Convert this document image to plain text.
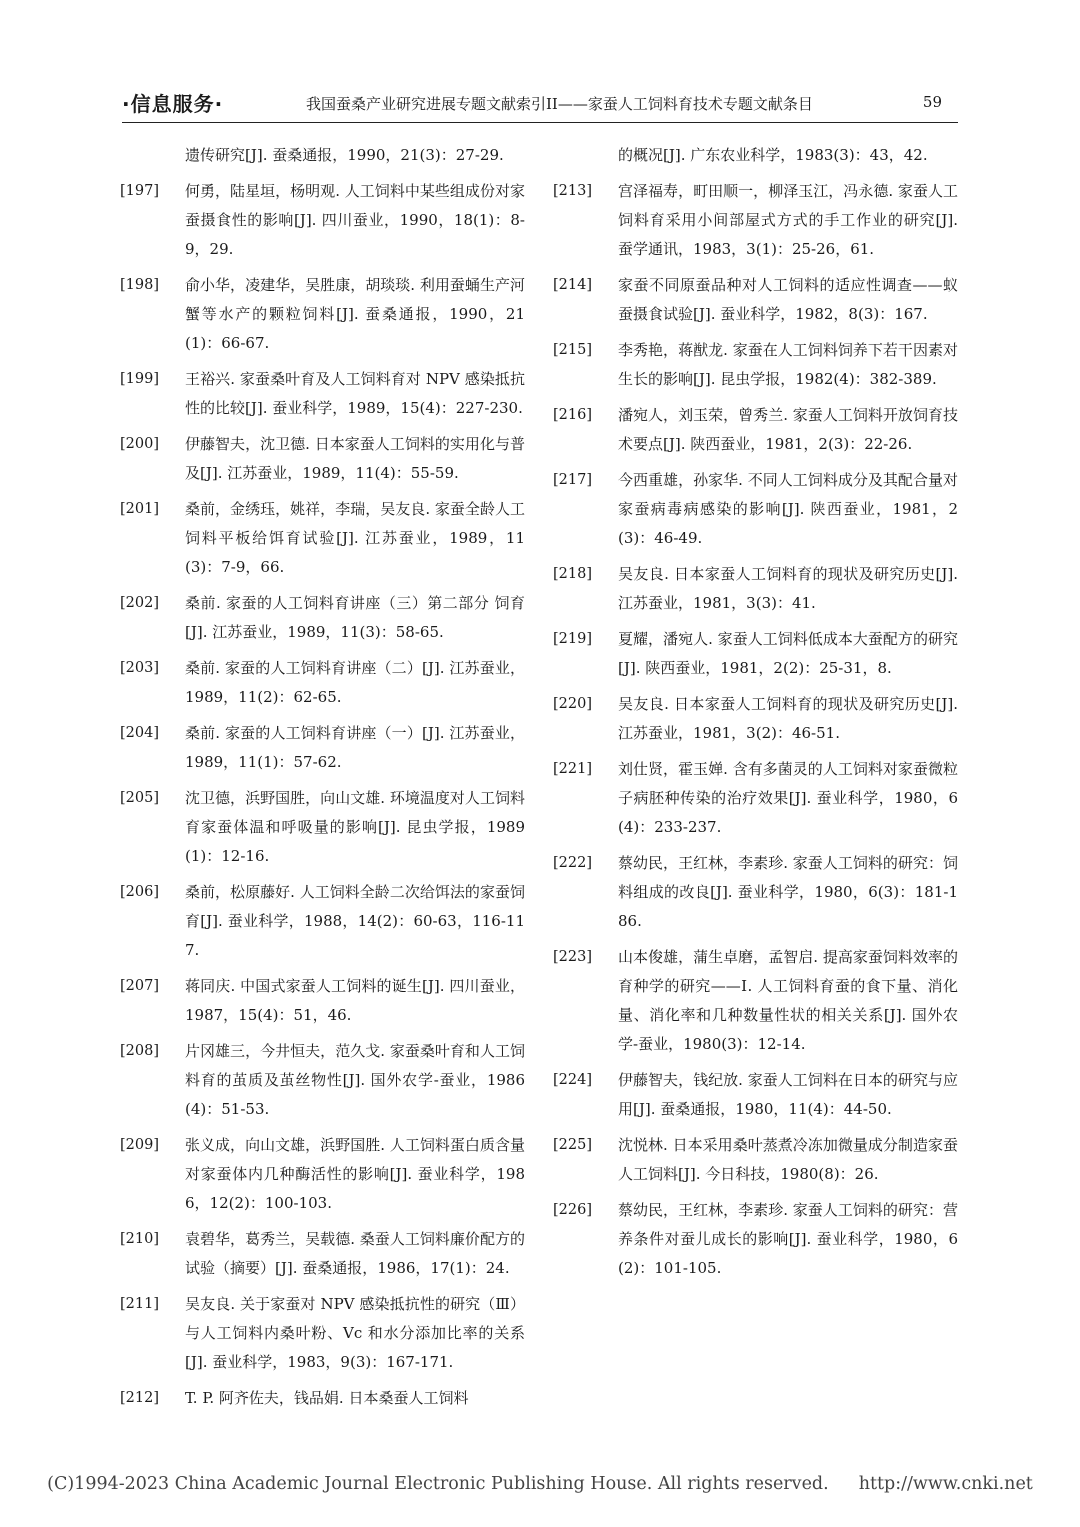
·信息服务·	我国蚕桑产业研究进展专题文献索引II——家蚕人工饲料育技术专题文献条目	59
遗传研究[J]. 蚕桑通报，1990，21(3)：27-29.
[197] 何勇，陆星垣，杨明观. 人工饲料中某些组成份对家蚕摄食性的影响[J]. 四川蚕业，1990，18(1)：8-9，29.
[198] 俞小华，凌建华，吴胜康，胡琰琰. 利用蚕蛹生产河蟹等水产的颗粒饲料[J]. 蚕桑通报，1990，21(1)：66-67.
[199] 王裕兴. 家蚕桑叶育及人工饲料育对 NPV 感染抵抗性的比较[J]. 蚕业科学，1989，15(4)：227-230.
[200] 伊藤智夫，沈卫德. 日本家蚕人工饲料的实用化与普及[J]. 江苏蚕业，1989，11(4)：55-59.
[201] 桑前，金绣珏，姚祥，李瑞，吴友良. 家蚕全龄人工饲料平板给饵育试验[J]. 江苏蚕业，1989，11(3)：7-9，66.
[202] 桑前. 家蚕的人工饲料育讲座（三）第二部分 饲育[J]. 江苏蚕业，1989，11(3)：58-65.
[203] 桑前. 家蚕的人工饲料育讲座（二）[J]. 江苏蚕业，1989，11(2)：62-65.
[204] 桑前. 家蚕的人工饲料育讲座（一）[J]. 江苏蚕业，1989，11(1)：57-62.
[205] 沈卫德，浜野国胜，向山文雄. 环境温度对人工饲料育家蚕体温和呼吸量的影响[J]. 昆虫学报，1989(1)：12-16.
[206] 桑前，松原藤好. 人工饲料全龄二次给饵法的家蚕饲育[J]. 蚕业科学，1988，14(2)：60-63，116-117.
[207] 蒋同庆. 中国式家蚕人工饲料的诞生[J]. 四川蚕业，1987，15(4)：51，46.
[208] 片冈雄三，今井恒夫，范久戈. 家蚕桑叶育和人工饲料育的茧质及茧丝物性[J]. 国外农学-蚕业，1986(4)：51-53.
[209] 张义成，向山文雄，浜野国胜. 人工饲料蛋白质含量对家蚕体内几种酶活性的影响[J]. 蚕业科学，1986，12(2)：100-103.
[210] 袁碧华，葛秀兰，吴载德. 桑蚕人工饲料廉价配方的试验（摘要）[J]. 蚕桑通报，1986，17(1)：24.
[211] 吴友良. 关于家蚕对 NPV 感染抵抗性的研究（Ⅲ）与人工饲料内桑叶粉、Vc 和水分添加比率的关系[J]. 蚕业科学，1983，9(3)：167-171.
[212] T. P. 阿齐佐夫，钱品娟. 日本桑蚕人工饲料
的概况[J]. 广东农业科学，1983(3)：43，42.
[213] 宫泽福寿，町田顺一，柳泽玉江，冯永德. 家蚕人工饲料育采用小间部屋式方式的手工作业的研究[J]. 蚕学通讯，1983，3(1)：25-26，61.
[214] 家蚕不同原蚕品种对人工饲料的适应性调查——蚁蚕摄食试验[J]. 蚕业科学，1982，8(3)：167.
[215] 李秀艳，蒋猷龙. 家蚕在人工饲料饲养下若干因素对生长的影响[J]. 昆虫学报，1982(4)：382-389.
[216] 潘宛人，刘玉荣，曾秀兰. 家蚕人工饲料开放饲育技术要点[J]. 陕西蚕业，1981，2(3)：22-26.
[217] 今西重雄，孙家华. 不同人工饲料成分及其配合量对家蚕病毒病感染的影响[J]. 陕西蚕业，1981，2(3)：46-49.
[218] 吴友良. 日本家蚕人工饲料育的现状及研究历史[J]. 江苏蚕业，1981，3(3)：41.
[219] 夏耀，潘宛人. 家蚕人工饲料低成本大蚕配方的研究[J]. 陕西蚕业，1981，2(2)：25-31，8.
[220] 吴友良. 日本家蚕人工饲料育的现状及研究历史[J]. 江苏蚕业，1981，3(2)：46-51.
[221] 刘仕贤，霍玉婵. 含有多菌灵的人工饲料对家蚕微粒子病胚种传染的治疗效果[J]. 蚕业科学，1980，6(4)：233-237.
[222] 蔡幼民，王红林，李素珍. 家蚕人工饲料的研究：饲料组成的改良[J]. 蚕业科学，1980，6(3)：181-186.
[223] 山本俊雄，蒲生卓磨，孟智启. 提高家蚕饲料效率的育种学的研究——Ⅰ. 人工饲料育蚕的食下量、消化量、消化率和几种数量性状的相关关系[J]. 国外农学-蚕业，1980(3)：12-14.
[224] 伊藤智夫，钱纪放. 家蚕人工饲料在日本的研究与应用[J]. 蚕桑通报，1980，11(4)：44-50.
[225] 沈悦林. 日本采用桑叶蒸煮冷冻加微量成分制造家蚕人工饲料[J]. 今日科技，1980(8)：26.
[226] 蔡幼民，王红林，李素珍. 家蚕人工饲料的研究：营养条件对蚕儿成长的影响[J]. 蚕业科学，1980，6(2)：101-105.
(C)1994-2023 China Academic Journal Electronic Publishing House. All rights reserved. http://www.cnki.net
